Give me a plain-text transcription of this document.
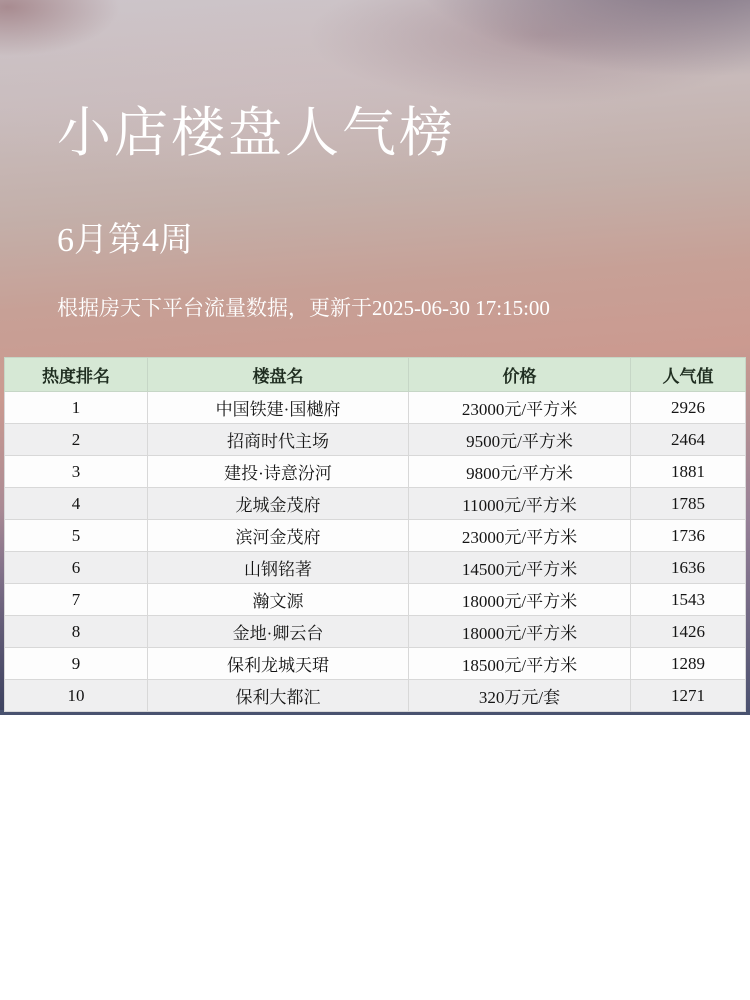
小店楼盘人气榜
6月第4周
根据房天下平台流量数据，更新于2025-06-30 17:15:00
热度排名	楼盘名	价格	人气值
1	中国铁建·国樾府	23000元/平方米	2926
2	招商时代主场	9500元/平方米	2464
3	建投·诗意汾河	9800元/平方米	1881
4	龙城金茂府	11000元/平方米	1785
5	滨河金茂府	23000元/平方米	1736
6	山钢铭著	14500元/平方米	1636
7	瀚文源	18000元/平方米	1543
8	金地·卿云台	18000元/平方米	1426
9	保利龙城天珺	18500元/平方米	1289
10	保利大都汇	320万元/套	1271
